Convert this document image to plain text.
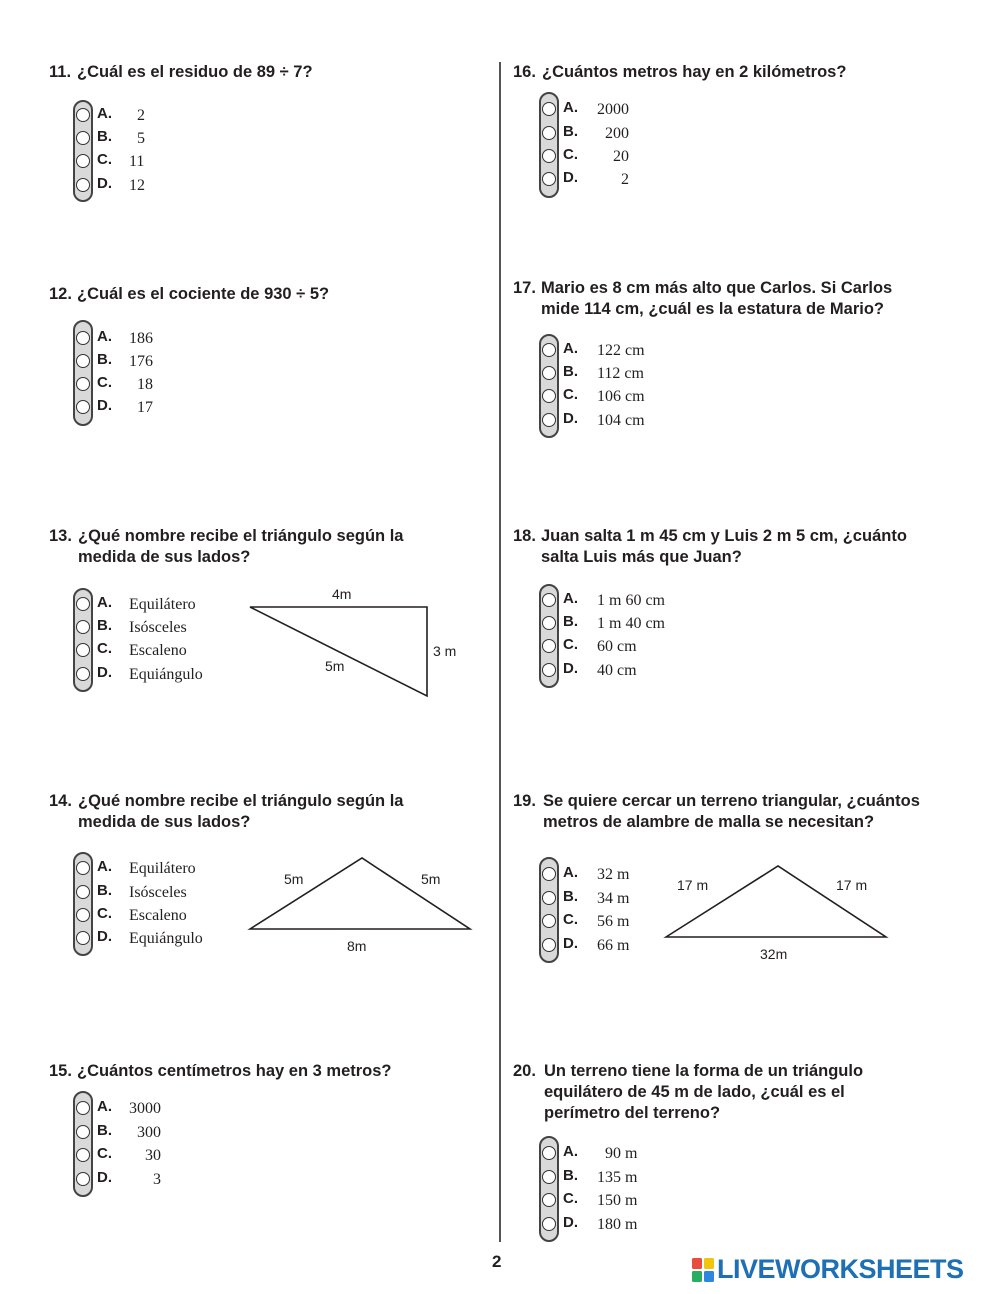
11. ¿Cuál es el residuo de 89 ÷ 7?
A. 2
B. 5
C. 11
D. 12
12. ¿Cuál es el cociente de 930 ÷ 5?
A. 186
B. 176
C. 18
D. 17
13. ¿Qué nombre recibe el triángulo según la
medida de sus lados?
A. Equilátero
B. Isósceles
C. Escaleno
D. Equiángulo
4m
3 m
5m
14. ¿Qué nombre recibe el triángulo según la
medida de sus lados?
A. Equilátero
B. Isósceles
C. Escaleno
D. Equiángulo
5m	5m
8m
15. ¿Cuántos centímetros hay en 3 metros?
A. 3000
B. 300
C. 30
D. 3
16. ¿Cuántos metros hay en 2 kilómetros?
A. 2000
B. 200
C. 20
D. 2
17. Mario es 8 cm más alto que Carlos. Si Carlos
mide 114 cm, ¿cuál es la estatura de Mario?
A. 122 cm
B. 112 cm
C. 106 cm
D. 104 cm
18. Juan salta 1 m 45 cm y Luis 2 m 5 cm, ¿cuánto
salta Luis más que Juan?
A. 1 m 60 cm
B. 1 m 40 cm
C. 60 cm
D. 40 cm
19. Se quiere cercar un terreno triangular, ¿cuántos
metros de alambre de malla se necesitan?
A. 32 m
B. 34 m
C. 56 m
D. 66 m
17 m	17 m
32m
20. Un terreno tiene la forma de un triángulo
equilátero de 45 m de lado, ¿cuál es el
perímetro del terreno?
A. 90 m
B. 135 m
C. 150 m
D. 180 m
2	LIVEWORKSHEETS
